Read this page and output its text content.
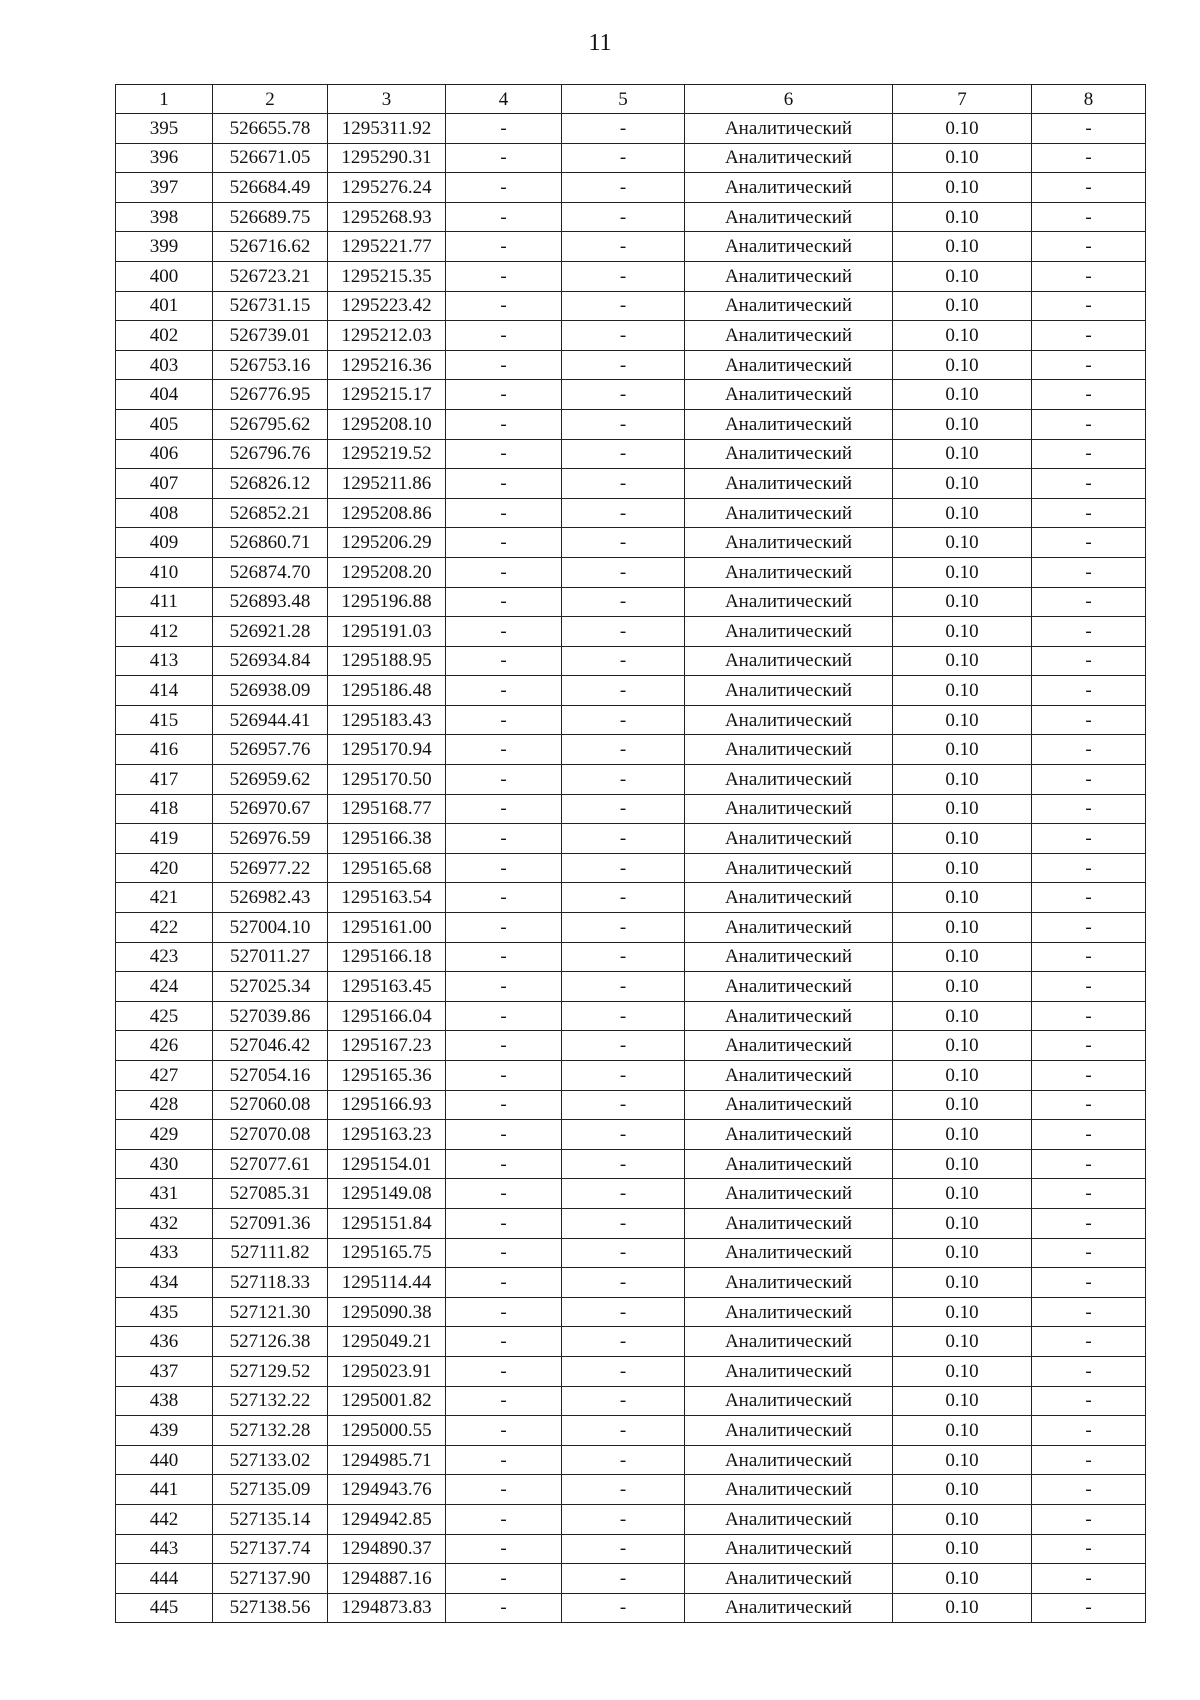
11
1	2	3	4	5	6	7	8
395	526655.78	1295311.92	-	-	Аналитический	0.10	-
396	526671.05	1295290.31	-	-	Аналитический	0.10	-
397	526684.49	1295276.24	-	-	Аналитический	0.10	-
398	526689.75	1295268.93	-	-	Аналитический	0.10	-
399	526716.62	1295221.77	-	-	Аналитический	0.10	-
400	526723.21	1295215.35	-	-	Аналитический	0.10	-
401	526731.15	1295223.42	-	-	Аналитический	0.10	-
402	526739.01	1295212.03	-	-	Аналитический	0.10	-
403	526753.16	1295216.36	-	-	Аналитический	0.10	-
404	526776.95	1295215.17	-	-	Аналитический	0.10	-
405	526795.62	1295208.10	-	-	Аналитический	0.10	-
406	526796.76	1295219.52	-	-	Аналитический	0.10	-
407	526826.12	1295211.86	-	-	Аналитический	0.10	-
408	526852.21	1295208.86	-	-	Аналитический	0.10	-
409	526860.71	1295206.29	-	-	Аналитический	0.10	-
410	526874.70	1295208.20	-	-	Аналитический	0.10	-
411	526893.48	1295196.88	-	-	Аналитический	0.10	-
412	526921.28	1295191.03	-	-	Аналитический	0.10	-
413	526934.84	1295188.95	-	-	Аналитический	0.10	-
414	526938.09	1295186.48	-	-	Аналитический	0.10	-
415	526944.41	1295183.43	-	-	Аналитический	0.10	-
416	526957.76	1295170.94	-	-	Аналитический	0.10	-
417	526959.62	1295170.50	-	-	Аналитический	0.10	-
418	526970.67	1295168.77	-	-	Аналитический	0.10	-
419	526976.59	1295166.38	-	-	Аналитический	0.10	-
420	526977.22	1295165.68	-	-	Аналитический	0.10	-
421	526982.43	1295163.54	-	-	Аналитический	0.10	-
422	527004.10	1295161.00	-	-	Аналитический	0.10	-
423	527011.27	1295166.18	-	-	Аналитический	0.10	-
424	527025.34	1295163.45	-	-	Аналитический	0.10	-
425	527039.86	1295166.04	-	-	Аналитический	0.10	-
426	527046.42	1295167.23	-	-	Аналитический	0.10	-
427	527054.16	1295165.36	-	-	Аналитический	0.10	-
428	527060.08	1295166.93	-	-	Аналитический	0.10	-
429	527070.08	1295163.23	-	-	Аналитический	0.10	-
430	527077.61	1295154.01	-	-	Аналитический	0.10	-
431	527085.31	1295149.08	-	-	Аналитический	0.10	-
432	527091.36	1295151.84	-	-	Аналитический	0.10	-
433	527111.82	1295165.75	-	-	Аналитический	0.10	-
434	527118.33	1295114.44	-	-	Аналитический	0.10	-
435	527121.30	1295090.38	-	-	Аналитический	0.10	-
436	527126.38	1295049.21	-	-	Аналитический	0.10	-
437	527129.52	1295023.91	-	-	Аналитический	0.10	-
438	527132.22	1295001.82	-	-	Аналитический	0.10	-
439	527132.28	1295000.55	-	-	Аналитический	0.10	-
440	527133.02	1294985.71	-	-	Аналитический	0.10	-
441	527135.09	1294943.76	-	-	Аналитический	0.10	-
442	527135.14	1294942.85	-	-	Аналитический	0.10	-
443	527137.74	1294890.37	-	-	Аналитический	0.10	-
444	527137.90	1294887.16	-	-	Аналитический	0.10	-
445	527138.56	1294873.83	-	-	Аналитический	0.10	-
